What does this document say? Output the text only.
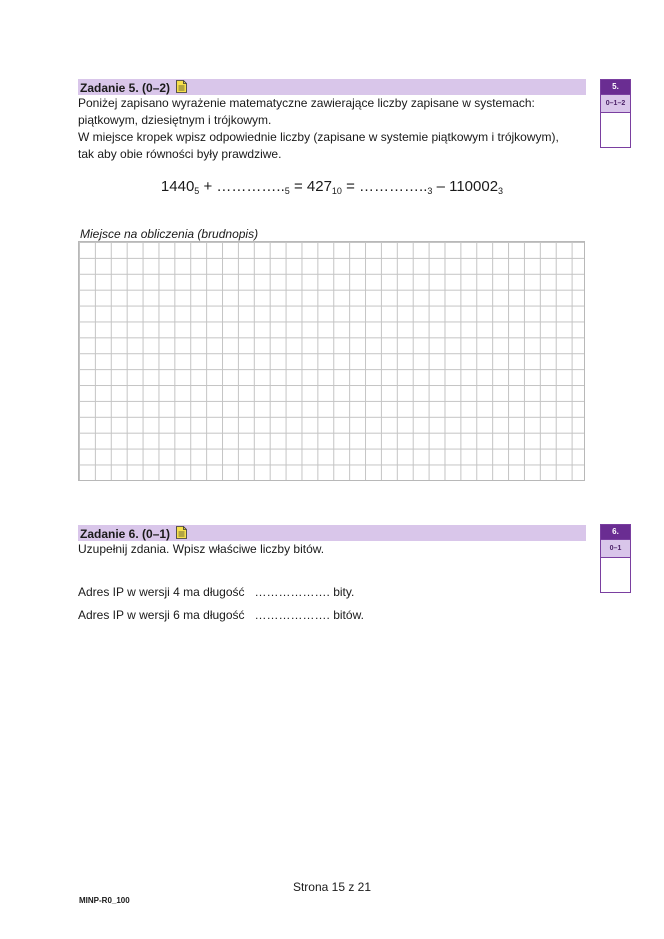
Zadanie 5. (0–2)	5.
0–1–2

Poniżej zapisano wyrażenie matematyczne zawierające liczby zapisane w systemach:

piątkowym, dziesiętnym i trójkowym.

W miejsce kropek wpisz odpowiednie liczby (zapisane w systemie piątkowym i trójkowym),

tak aby obie równości były prawdziwe.

$1440_5$ + $\dots\dots\dots\dots.._5 = 427_{10}$ = $\dots\dots\dots\dots.._3 - 110002_3$
Miejsce na obliczenia (brudnopis)
Zadanie 6. (0–1)	6.
0–1

Uzupełnij zdania. Wpisz właściwe liczby bitów.

Adres IP w wersji 4 ma długość ………………. bity.

Adres IP w wersji 6 ma długość ………………. bitów.

Strona 15 z 21
MINP-R0_100
